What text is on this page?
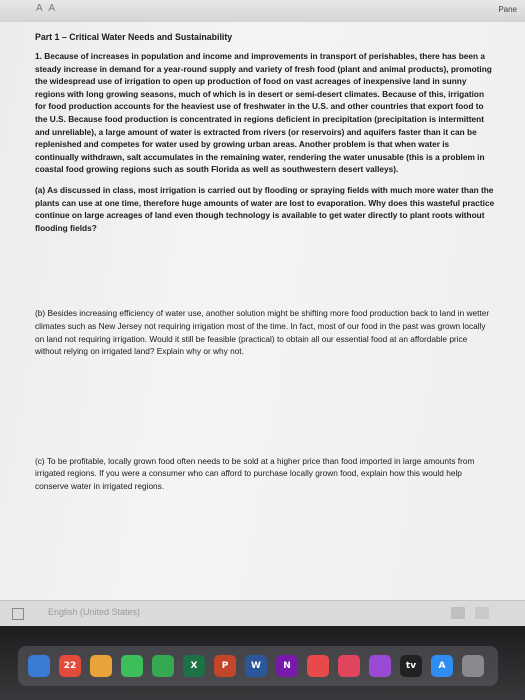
A A	Pane
Part 1 – Critical Water Needs and Sustainability

1. Because of increases in population and income and improvements in transport of perishables, there has been a steady increase in demand for a year-round supply and variety of fresh food (plant and animal products), promoting the widespread use of irrigation to open up production of food on vast acreages of inexpensive land in sunny regions with long growing seasons, much of which is in desert or semi-desert climates. Because of this, irrigation for food production accounts for the heaviest use of freshwater in the U.S. and other countries that export food to the U.S. Because food production is concentrated in regions deficient in precipitation (precipitation is intermittent and unreliable), a large amount of water is extracted from rivers (or reservoirs) and aquifers faster than it can be replenished and competes for water used by growing urban areas. Another problem is that when water is continually withdrawn, salt accumulates in the remaining water, rendering the water unusable (this is a problem in coastal food growing regions such as south Florida as well as southwestern desert valleys).

(a) As discussed in class, most irrigation is carried out by flooding or spraying fields with much more water than the plants can use at one time, therefore huge amounts of water are lost to evaporation. Why does this wasteful practice continue on large acreages of land even though technology is available to get water directly to plant roots without flooding fields?

(b) Besides increasing efficiency of water use, another solution might be shifting more food production back to land in wetter climates such as New Jersey not requiring irrigation most of the time. In fact, most of our food in the past was grown locally on land not requiring irrigation. Would it still be feasible (practical) to obtain all our essential food at an affordable price without relying on irrigated land? Explain why or why not.

(c) To be profitable, locally grown food often needs to be sold at a higher price than food imported in large amounts from irrigated regions. If you were a consumer who can afford to purchase locally grown food, explain how this would help conserve water in irrigated regions.

English (United States)
22	X	P	W	N	tv	A
